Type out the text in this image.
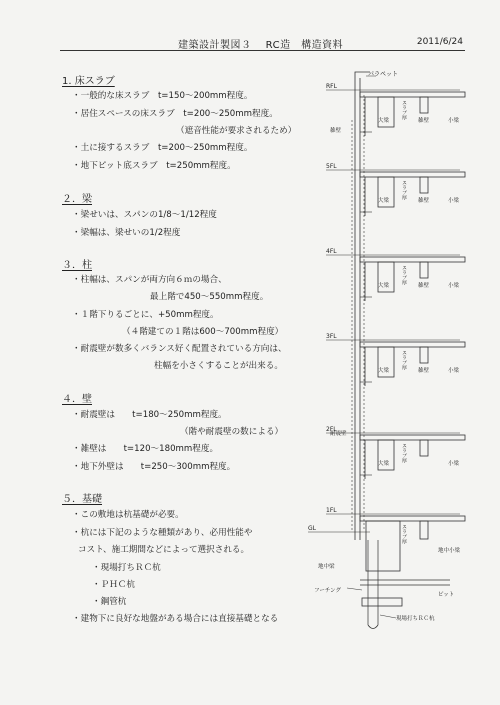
建築設計製図３　 RC造　構造資料	2011/6/24
1. 床スラブ
・一般的な床スラブ　t=150〜200mm程度。
・居住スペースの床スラブ　t=200〜250mm程度。
（遮音性能が要求されるため）
・土に接するスラブ　t=200〜250mm程度。
・地下ピット底スラブ　t=250mm程度。
２．梁
・梁せいは、スパンの1/8〜1/12程度
・梁幅は、梁せいの1/2程度
３．柱
・柱幅は、スパンが両方向６ｍの場合、
最上階で450〜550mm程度。
・１階下りるごとに、+50mm程度。
（４階建ての１階は600〜700mm程度）
・耐震壁が数多くバランス好く配置されている方向は、
柱幅を小さくすることが出来る。
４．壁
・耐震壁は　　t=180〜250mm程度。
（階や耐震壁の数による）
・雑壁は　　t=120〜180mm程度。
・地下外壁は　　t=250〜300mm程度。
５．基礎
・この敷地は杭基礎が必要。
・杭には下記のような種類があり、必用性能や
コスト、施工期間などによって選択される。
・現場打ちＲＣ杭
・ＰＨＣ杭
・鋼管杭
・建物下に良好な地盤がある場合には直接基礎となる
パラペット
RFL
5FL
4FL
3FL
2FL
1FL
GL
大梁
大梁
大梁
大梁
大梁
小梁
小梁
小梁
小梁
小梁
雑壁
雑壁
雑壁
雑壁
雑壁
耐震壁
スラブ厚
スラブ厚
スラブ厚
スラブ厚
スラブ厚
スラブ厚
地中小梁
地中梁
フーチング
ピット
現場打ちＲＣ杭
